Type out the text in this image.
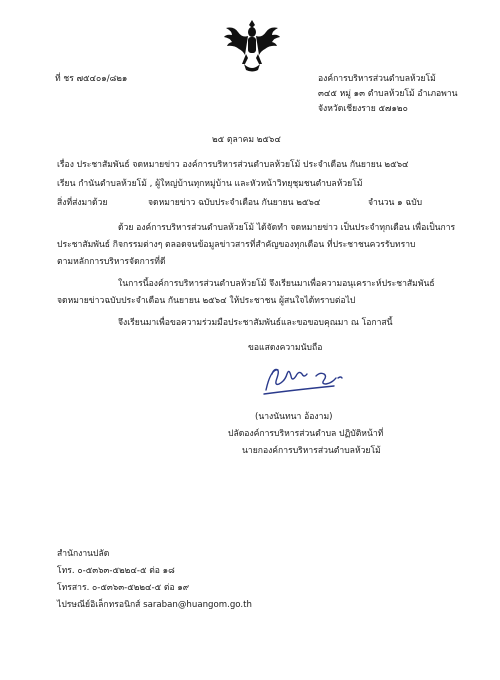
ที่ ชร ๗๕๔๐๑/๘๒๑	องค์การบริหารส่วนตำบลห้วยโม้
๓๔๕ หมู่ ๑๓ ตำบลห้วยโม้ อำเภอพาน
จังหวัดเชียงราย ๕๗๑๒๐
๒๕ ตุลาคม ๒๕๖๔
เรื่อง ประชาสัมพันธ์ จดหมายข่าว องค์การบริหารส่วนตำบลห้วยโม้ ประจำเดือน กันยายน ๒๕๖๔
เรียน กำนันตำบลห้วยโม้ , ผู้ใหญ่บ้านทุกหมู่บ้าน และหัวหน้าวิทยุชุมชนตำบลห้วยโม้
สิ่งที่ส่งมาด้วย	จดหมายข่าว ฉบับประจำเดือน กันยายน ๒๕๖๔	จำนวน ๑ ฉบับ
ด้วย องค์การบริหารส่วนตำบลห้วยโม้ ได้จัดทำ จดหมายข่าว เป็นประจำทุกเดือน เพื่อเป็นการ
ประชาสัมพันธ์ กิจกรรมต่างๆ ตลอดจนข้อมูลข่าวสารที่สำคัญของทุกเดือน ที่ประชาชนควรรับทราบ
ตามหลักการบริหารจัดการที่ดี
ในการนี้องค์การบริหารส่วนตำบลห้วยโม้ จึงเรียนมาเพื่อความอนุเคราะห์ประชาสัมพันธ์
จดหมายข่าวฉบับประจำเดือน กันยายน ๒๕๖๔ ให้ประชาชน ผู้สนใจได้ทราบต่อไป
จึงเรียนมาเพื่อขอความร่วมมือประชาสัมพันธ์และขอขอบคุณมา ณ โอกาสนี้
ขอแสดงความนับถือ
(นางนันทนา อ้องาม)
ปลัดองค์การบริหารส่วนตำบล ปฏิบัติหน้าที่
นายกองค์การบริหารส่วนตำบลห้วยโม้
สำนักงานปลัด
โทร. ๐-๕๓๖๓-๕๒๒๔-๕ ต่อ ๑๘
โทรสาร. ๐-๕๓๖๓-๕๒๒๔-๕ ต่อ ๑๙
ไปรษณีย์อิเล็กทรอนิกส์ saraban@huangom.go.th
